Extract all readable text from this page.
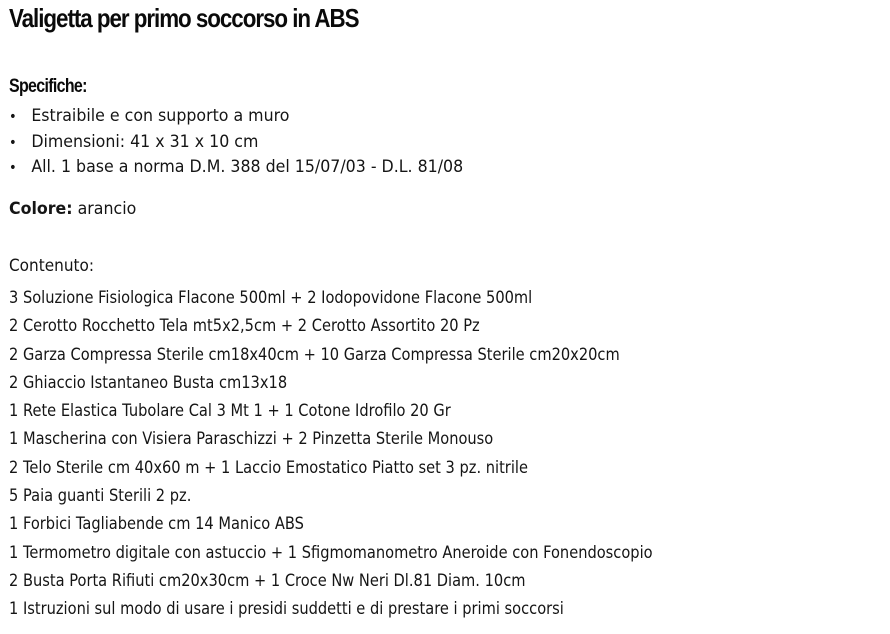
Valigetta per primo soccorso in ABS
Specifiche:
• Estraibile e con supporto a muro
• Dimensioni: 41 x 31 x 10 cm
• All. 1 base a norma D.M. 388 del 15/07/03 - D.L. 81/08
Colore: arancio
Contenuto:
3 Soluzione Fisiologica Flacone 500ml + 2 Iodopovidone Flacone 500ml
2 Cerotto Rocchetto Tela mt5x2,5cm + 2 Cerotto Assortito 20 Pz
2 Garza Compressa Sterile cm18x40cm + 10 Garza Compressa Sterile cm20x20cm
2 Ghiaccio Istantaneo Busta cm13x18
1 Rete Elastica Tubolare Cal 3 Mt 1 + 1 Cotone Idrofilo 20 Gr
1 Mascherina con Visiera Paraschizzi + 2 Pinzetta Sterile Monouso
2 Telo Sterile cm 40x60 m + 1 Laccio Emostatico Piatto set 3 pz. nitrile
5 Paia guanti Sterili 2 pz.
1 Forbici Tagliabende cm 14 Manico ABS
1 Termometro digitale con astuccio + 1 Sfigmomanometro Aneroide con Fonendoscopio
2 Busta Porta Rifiuti cm20x30cm + 1 Croce Nw Neri Dl.81 Diam. 10cm
1 Istruzioni sul modo di usare i presidi suddetti e di prestare i primi soccorsi
